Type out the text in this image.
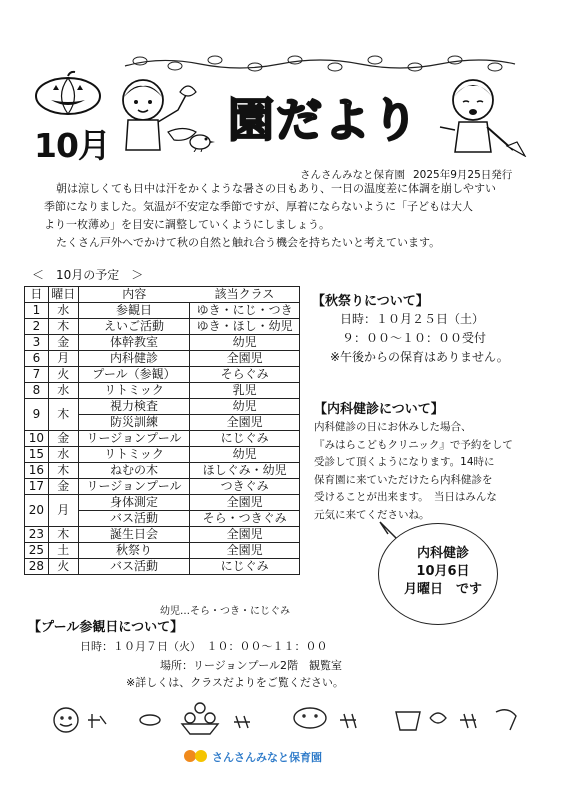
10月	園だより
さんさんみなと保育園 2025年9月25日発行

朝は涼しくても日中は汗をかくような暑さの日もあり、一日の温度差に体調を崩しやすい

季節になりました。気温が不安定な季節ですが、厚着にならないように「子どもは大人

より一枚薄め」を目安に調整していくようにしましょう。

たくさん戸外へでかけて秋の自然と触れ合う機会を持ちたいと考えています。

＜　10月の予定　＞
日	曜日	内容	該当クラス
1	水	参観日	ゆき・にじ・つき
2	木	えいご活動	ゆき・ほし・幼児
3	金	体幹教室	幼児
6	月	内科健診	全園児
7	火	プール（参観）	そらぐみ
8	水	リトミック	乳児
9	木	視力検査	幼児
		防災訓練	全園児
10	金	リージョンプール	にじぐみ
15	水	リトミック	幼児
16	木	ねむの木	ほしぐみ・幼児
17	金	リージョンプール	つきぐみ
20	月	身体測定	全園児
		バス活動	そら・つきぐみ
23	木	誕生日会	全園児
25	土	秋祭り	全園児
28	火	バス活動	にじぐみ
幼児…そら・つき・にじぐみ
【秋祭りについて】
日時：１０月２５日（土）
９：００～１０：００受付
※午後からの保育はありません。
【内科健診について】
内科健診の日にお休みした場合、
『みはらこどもクリニック』で予約をして
受診して頂くようになります。14時に
保育園に来ていただけたら内科健診を
受けることが出来ます。　当日はみんな
元気に来てくださいね。
内科健診
10月6日
月曜日　です
【プール参観日について】
日時：１０月７日（火）　１０：００～１１：００
場所：リージョンプール2階　観覧室
※詳しくは、クラスだよりをご覧ください。
さんさんみなと保育園
